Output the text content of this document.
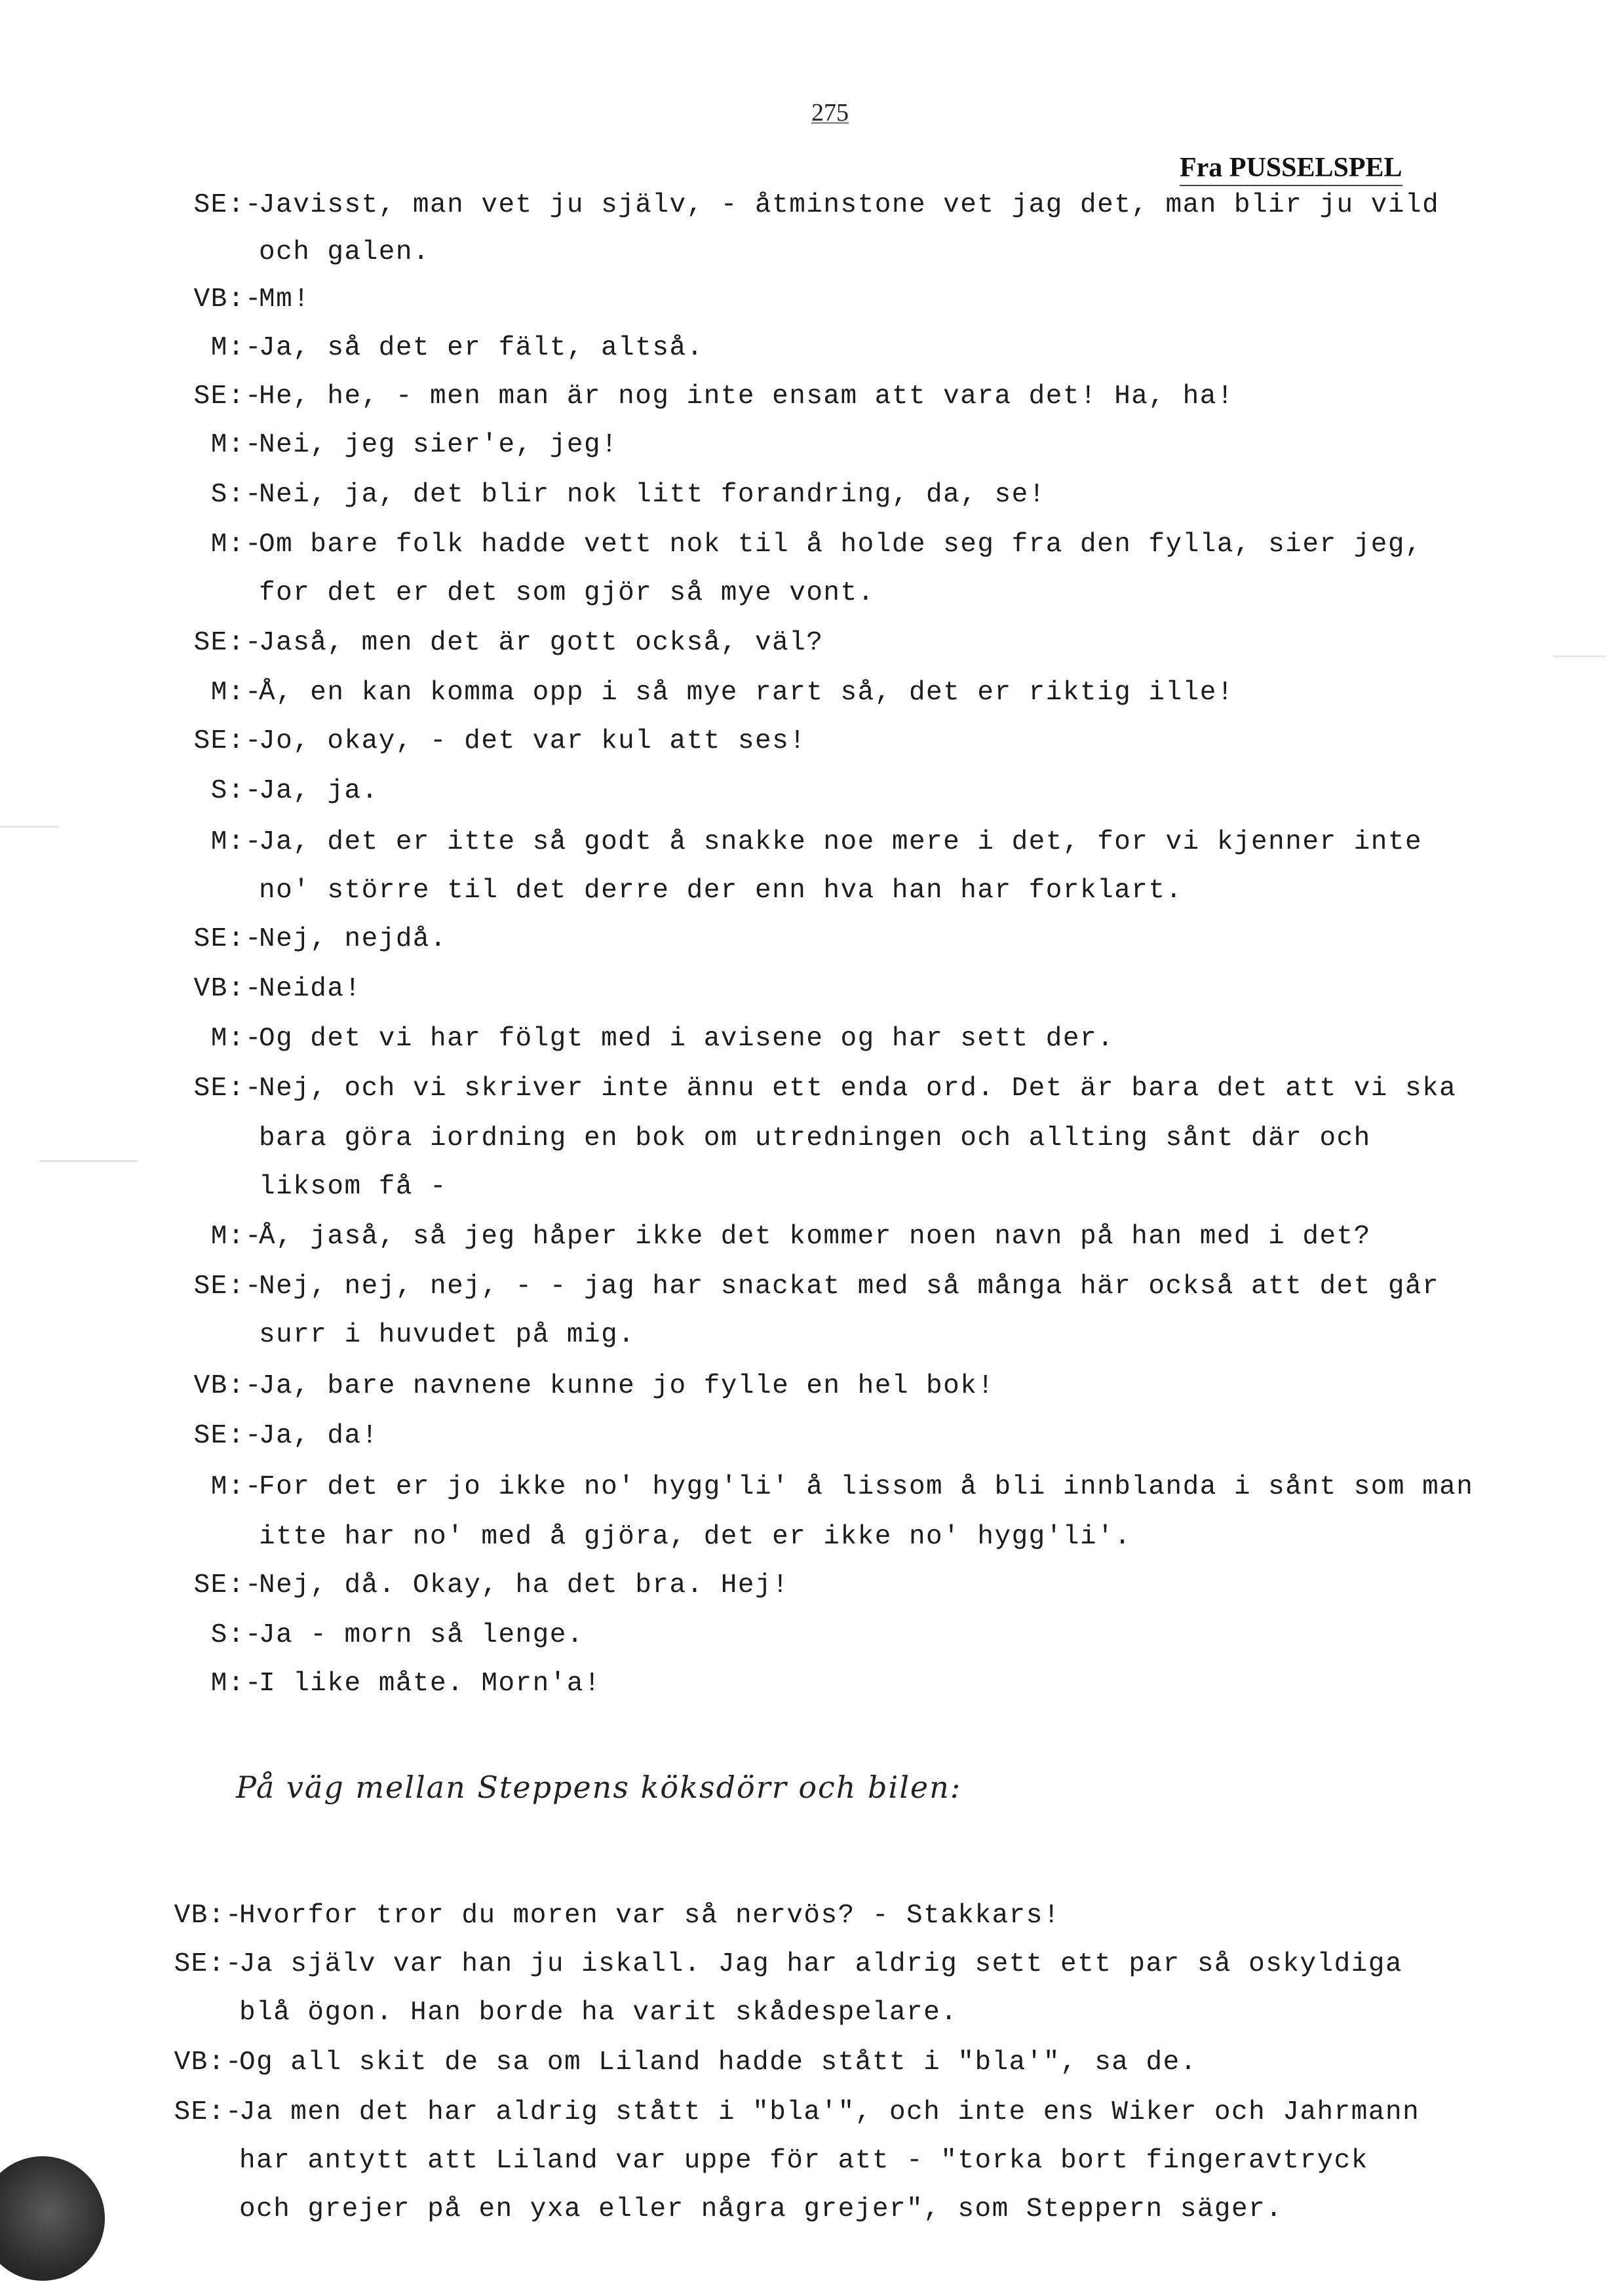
275
Fra PUSSELSPEL
SE:-
Javisst, man vet ju själv, - åtminstone vet jag det, man blir ju vild
och galen.
VB:-
Mm!
M:-
Ja, så det er fält, altså.
SE:-
He, he, - men man är nog inte ensam att vara det! Ha, ha!
M:-
Nei, jeg sier'e, jeg!
S:-
Nei, ja, det blir nok litt forandring, da, se!
M:-
Om bare folk hadde vett nok til å holde seg fra den fylla, sier jeg,
for det er det som gjör så mye vont.
SE:-
Jaså, men det är gott också, väl?
M:-
Å, en kan komma opp i så mye rart så, det er riktig ille!
SE:-
Jo, okay, - det var kul att ses!
S:-
Ja, ja.
M:-
Ja, det er itte så godt å snakke noe mere i det, for vi kjenner inte
no' större til det derre der enn hva han har forklart.
SE:-
Nej, nejdå.
VB:-
Neida!
M:-
Og det vi har fölgt med i avisene og har sett der.
SE:-
Nej, och vi skriver inte ännu ett enda ord. Det är bara det att vi ska
bara göra iordning en bok om utredningen och allting sånt där och
liksom få -
M:-
Å, jaså, så jeg håper ikke det kommer noen navn på han med i det?
SE:-
Nej, nej, nej, - - jag har snackat med så många här också att det går
surr i huvudet på mig.
VB:-
Ja, bare navnene kunne jo fylle en hel bok!
SE:-
Ja, da!
M:-
For det er jo ikke no' hygg'li' å lissom å bli innblanda i sånt som man
itte har no' med å gjöra, det er ikke no' hygg'li'.
SE:-
Nej, då. Okay, ha det bra. Hej!
S:-
Ja - morn så lenge.
M:-
I like måte. Morn'a!
På väg mellan Steppens köksdörr och bilen:
VB:-
Hvorfor tror du moren var så nervös? - Stakkars!
SE:-
Ja själv var han ju iskall. Jag har aldrig sett ett par så oskyldiga
blå ögon. Han borde ha varit skådespelare.
VB:-
Og all skit de sa om Liland hadde stått i "bla'", sa de.
SE:-
Ja men det har aldrig stått i "bla'", och inte ens Wiker och Jahrmann
har antytt att Liland var uppe för att - "torka bort fingeravtryck
och grejer på en yxa eller några grejer", som Steppern säger.
